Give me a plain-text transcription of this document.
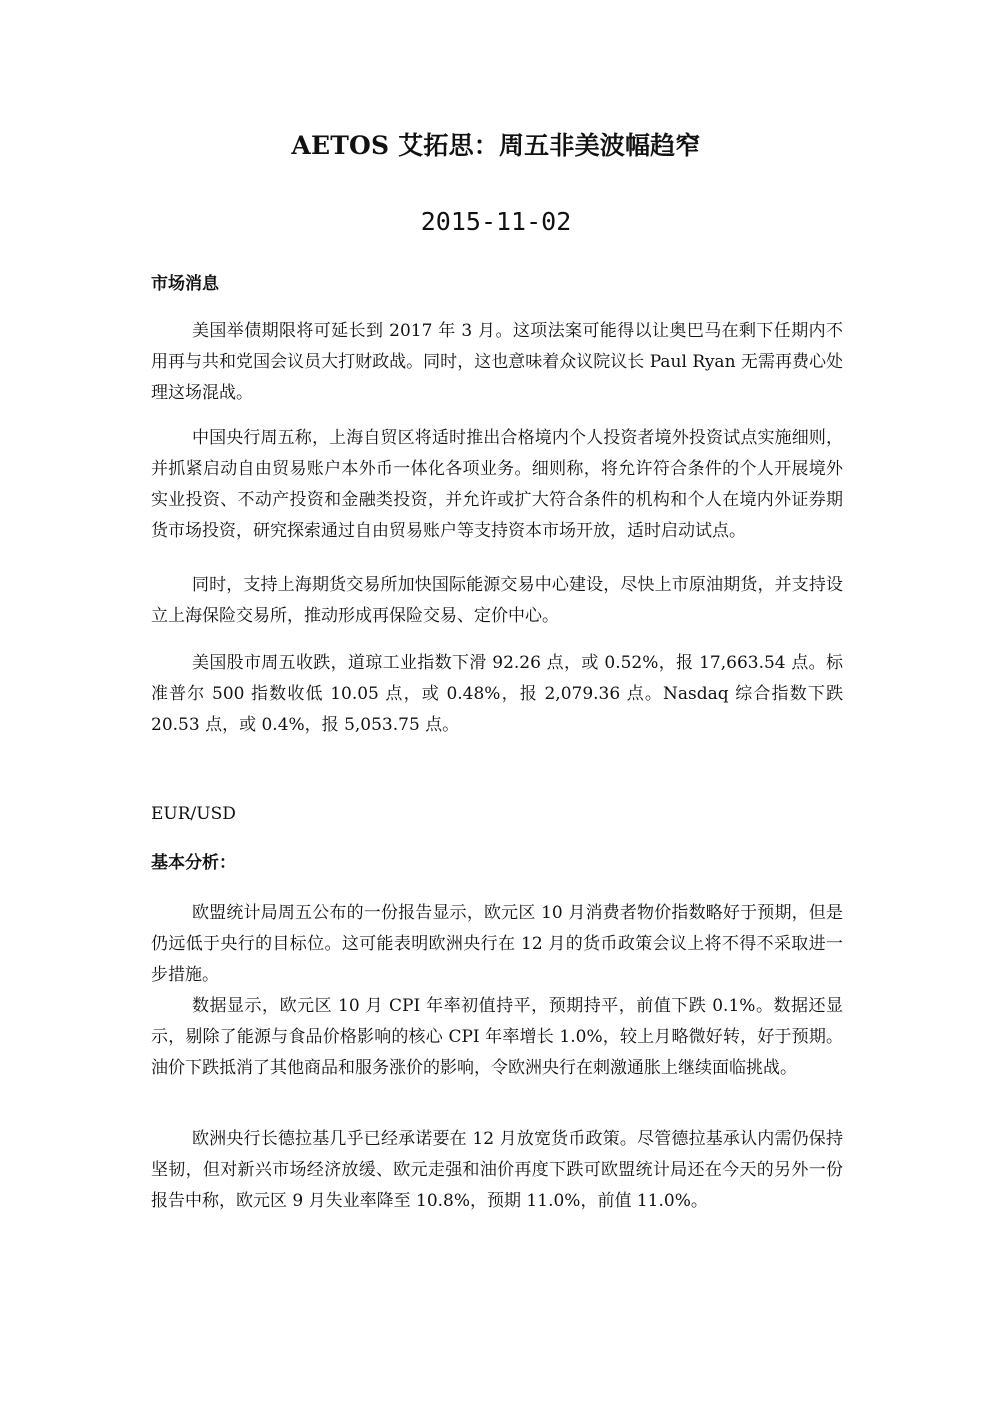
AETOS 艾拓思：周五非美波幅趋窄
2015-11-02
市场消息

美国举债期限将可延长到 2017 年 3 月。这项法案可能得以让奥巴马在剩下任期内不用再与共和党国会议员大打财政战。同时，这也意味着众议院议长 Paul Ryan 无需再费心处理这场混战。

中国央行周五称，上海自贸区将适时推出合格境内个人投资者境外投资试点实施细则，并抓紧启动自由贸易账户本外币一体化各项业务。细则称，将允许符合条件的个人开展境外实业投资、不动产投资和金融类投资，并允许或扩大符合条件的机构和个人在境内外证券期货市场投资，研究探索通过自由贸易账户等支持资本市场开放，适时启动试点。

同时，支持上海期货交易所加快国际能源交易中心建设，尽快上市原油期货，并支持设立上海保险交易所，推动形成再保险交易、定价中心。

美国股市周五收跌，道琼工业指数下滑 92.26 点，或 0.52%，报 17,663.54 点。标准普尔 500 指数收低 10.05 点，或 0.48%，报 2,079.36 点。Nasdaq 综合指数下跌 20.53 点，或 0.4%，报 5,053.75 点。

EUR/USD
基本分析：

欧盟统计局周五公布的一份报告显示，欧元区 10 月消费者物价指数略好于预期，但是仍远低于央行的目标位。这可能表明欧洲央行在 12 月的货币政策会议上将不得不采取进一步措施。

数据显示，欧元区 10 月 CPI 年率初值持平，预期持平，前值下跌 0.1%。数据还显示，剔除了能源与食品价格影响的核心 CPI 年率增长 1.0%，较上月略微好转，好于预期。油价下跌抵消了其他商品和服务涨价的影响，令欧洲央行在刺激通胀上继续面临挑战。

欧洲央行长德拉基几乎已经承诺要在 12 月放宽货币政策。尽管德拉基承认内需仍保持坚韧，但对新兴市场经济放缓、欧元走强和油价再度下跌可欧盟统计局还在今天的另外一份报告中称，欧元区 9 月失业率降至 10.8%，预期 11.0%，前值 11.0%。
